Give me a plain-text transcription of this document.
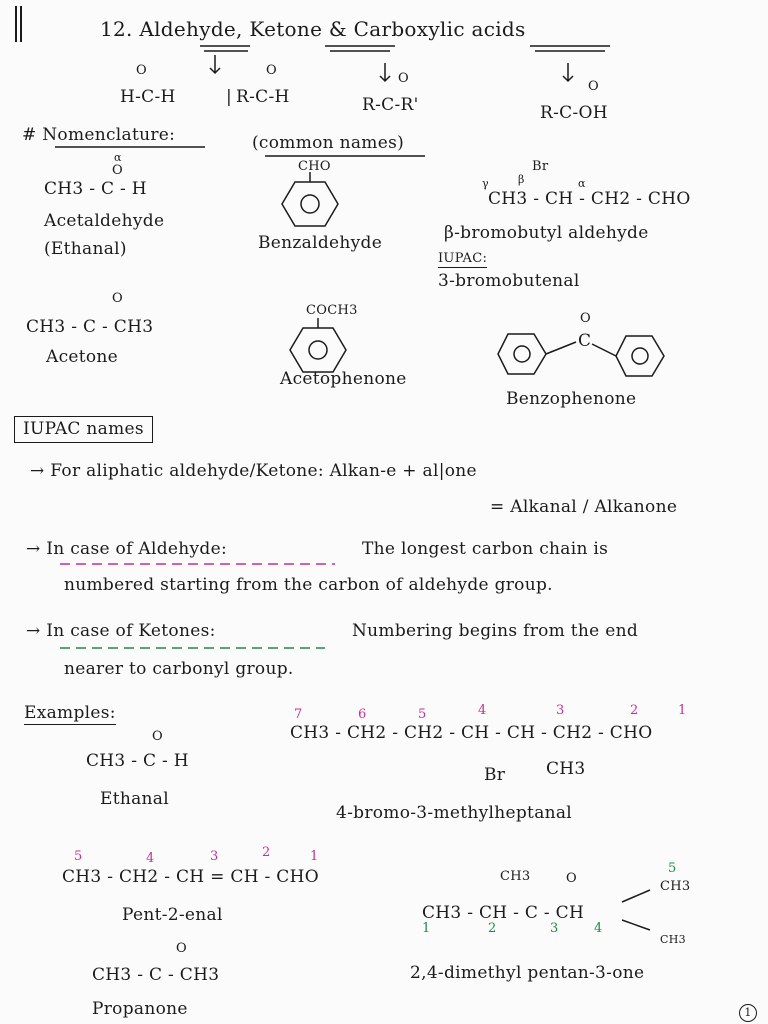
12. Aldehyde, Ketone & Carboxylic acids
O	O
O
O
H-C-H	| R-C-H	R-C-R'	R-C-OH
# Nomenclature:	(common names)
α
O
CH3 - C - H
Acetaldehyde
(Ethanal)
CHO
Benzaldehyde
Br
γ	β	α
CH3 - CH - CH2 - CHO
β-bromobutyl aldehyde
IUPAC:
3-bromobutenal
O
CH3 - C - CH3
Acetone
COCH3
Acetophenone
O
C
Benzophenone
IUPAC names
→ For aliphatic aldehyde/Ketone: Alkan-e + al|one
= Alkanal / Alkanone
→ In case of Aldehyde:	The longest carbon chain is
numbered starting from the carbon of aldehyde group.
→ In case of Ketones:	Numbering begins from the end
nearer to carbonyl group.
Examples:
O
CH3 - C - H
Ethanal
7	6	5	4	3	2	1
CH3 - CH2 - CH2 - CH - CH - CH2 - CHO
Br CH3
4-bromo-3-methylheptanal
5	4	3	2	1
CH3 - CH2 - CH = CH - CHO
Pent-2-enal
CH3	O
5
CH3
CH3 - CH - C - CH
CH3
1	2	3	4
2,4-dimethyl pentan-3-one
O
CH3 - C - CH3
Propanone	1
